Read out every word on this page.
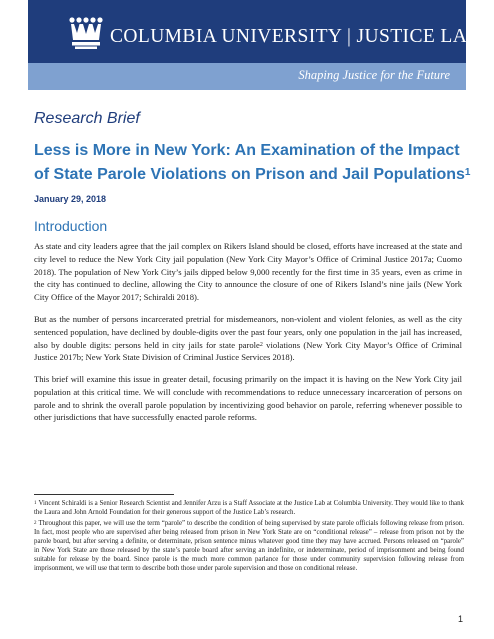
COLUMBIA UNIVERSITY | JUSTICE LAB
Shaping Justice for the Future
Research Brief
Less is More in New York: An Examination of the Impact of State Parole Violations on Prison and Jail Populations$^1$
January 29, 2018
Introduction

As state and city leaders agree that the jail complex on Rikers Island should be closed, efforts have increased at the state and city level to reduce the New York City jail population (New York City Mayor’s Office of Criminal Justice 2017a; Cuomo 2018). The population of New York City’s jails dipped below 9,000 recently for the first time in 35 years, even as crime in the city has continued to decline, allowing the City to announce the closure of one of Rikers Island’s nine jails (New York City Office of the Mayor 2017; Schiraldi 2018).

But as the number of persons incarcerated pretrial for misdemeanors, non-violent and violent felonies, as well as the city sentenced population, have declined by double-digits over the past four years, only one population in the jail has increased, also by double digits: persons held in city jails for state parole$^2$ violations (New York City Mayor’s Office of Criminal Justice 2017b; New York State Division of Criminal Justice Services 2018).

This brief will examine this issue in greater detail, focusing primarily on the impact it is having on the New York City jail population at this critical time. We will conclude with recommendations to reduce unnecessary incarceration of persons on parole and to shrink the overall parole population by incentivizing good behavior on parole, referring whenever possible to other jurisdictions that have successfully enacted parole reforms.

$^1$ Vincent Schiraldi is a Senior Research Scientist and Jennifer Arzu is a Staff Associate at the Justice Lab at Columbia University. They would like to thank the Laura and John Arnold Foundation for their generous support of the Justice Lab’s research.

$^2$ Throughout this paper, we will use the term “parole” to describe the condition of being supervised by state parole officials following release from prison. In fact, most people who are supervised after being released from prison in New York State are on “conditional release” – release from prison not by the parole board, but after serving a definite, or determinate, prison sentence minus whatever good time they may have accrued. Persons released on “parole” in New York State are those released by the state’s parole board after serving an indefinite, or indeterminate, period of imprisonment and being found suitable for release by the board. Since parole is the much more common parlance for those under community supervision following release from imprisonment, we will use that term to describe both those under parole supervision and those on conditional release.

1
